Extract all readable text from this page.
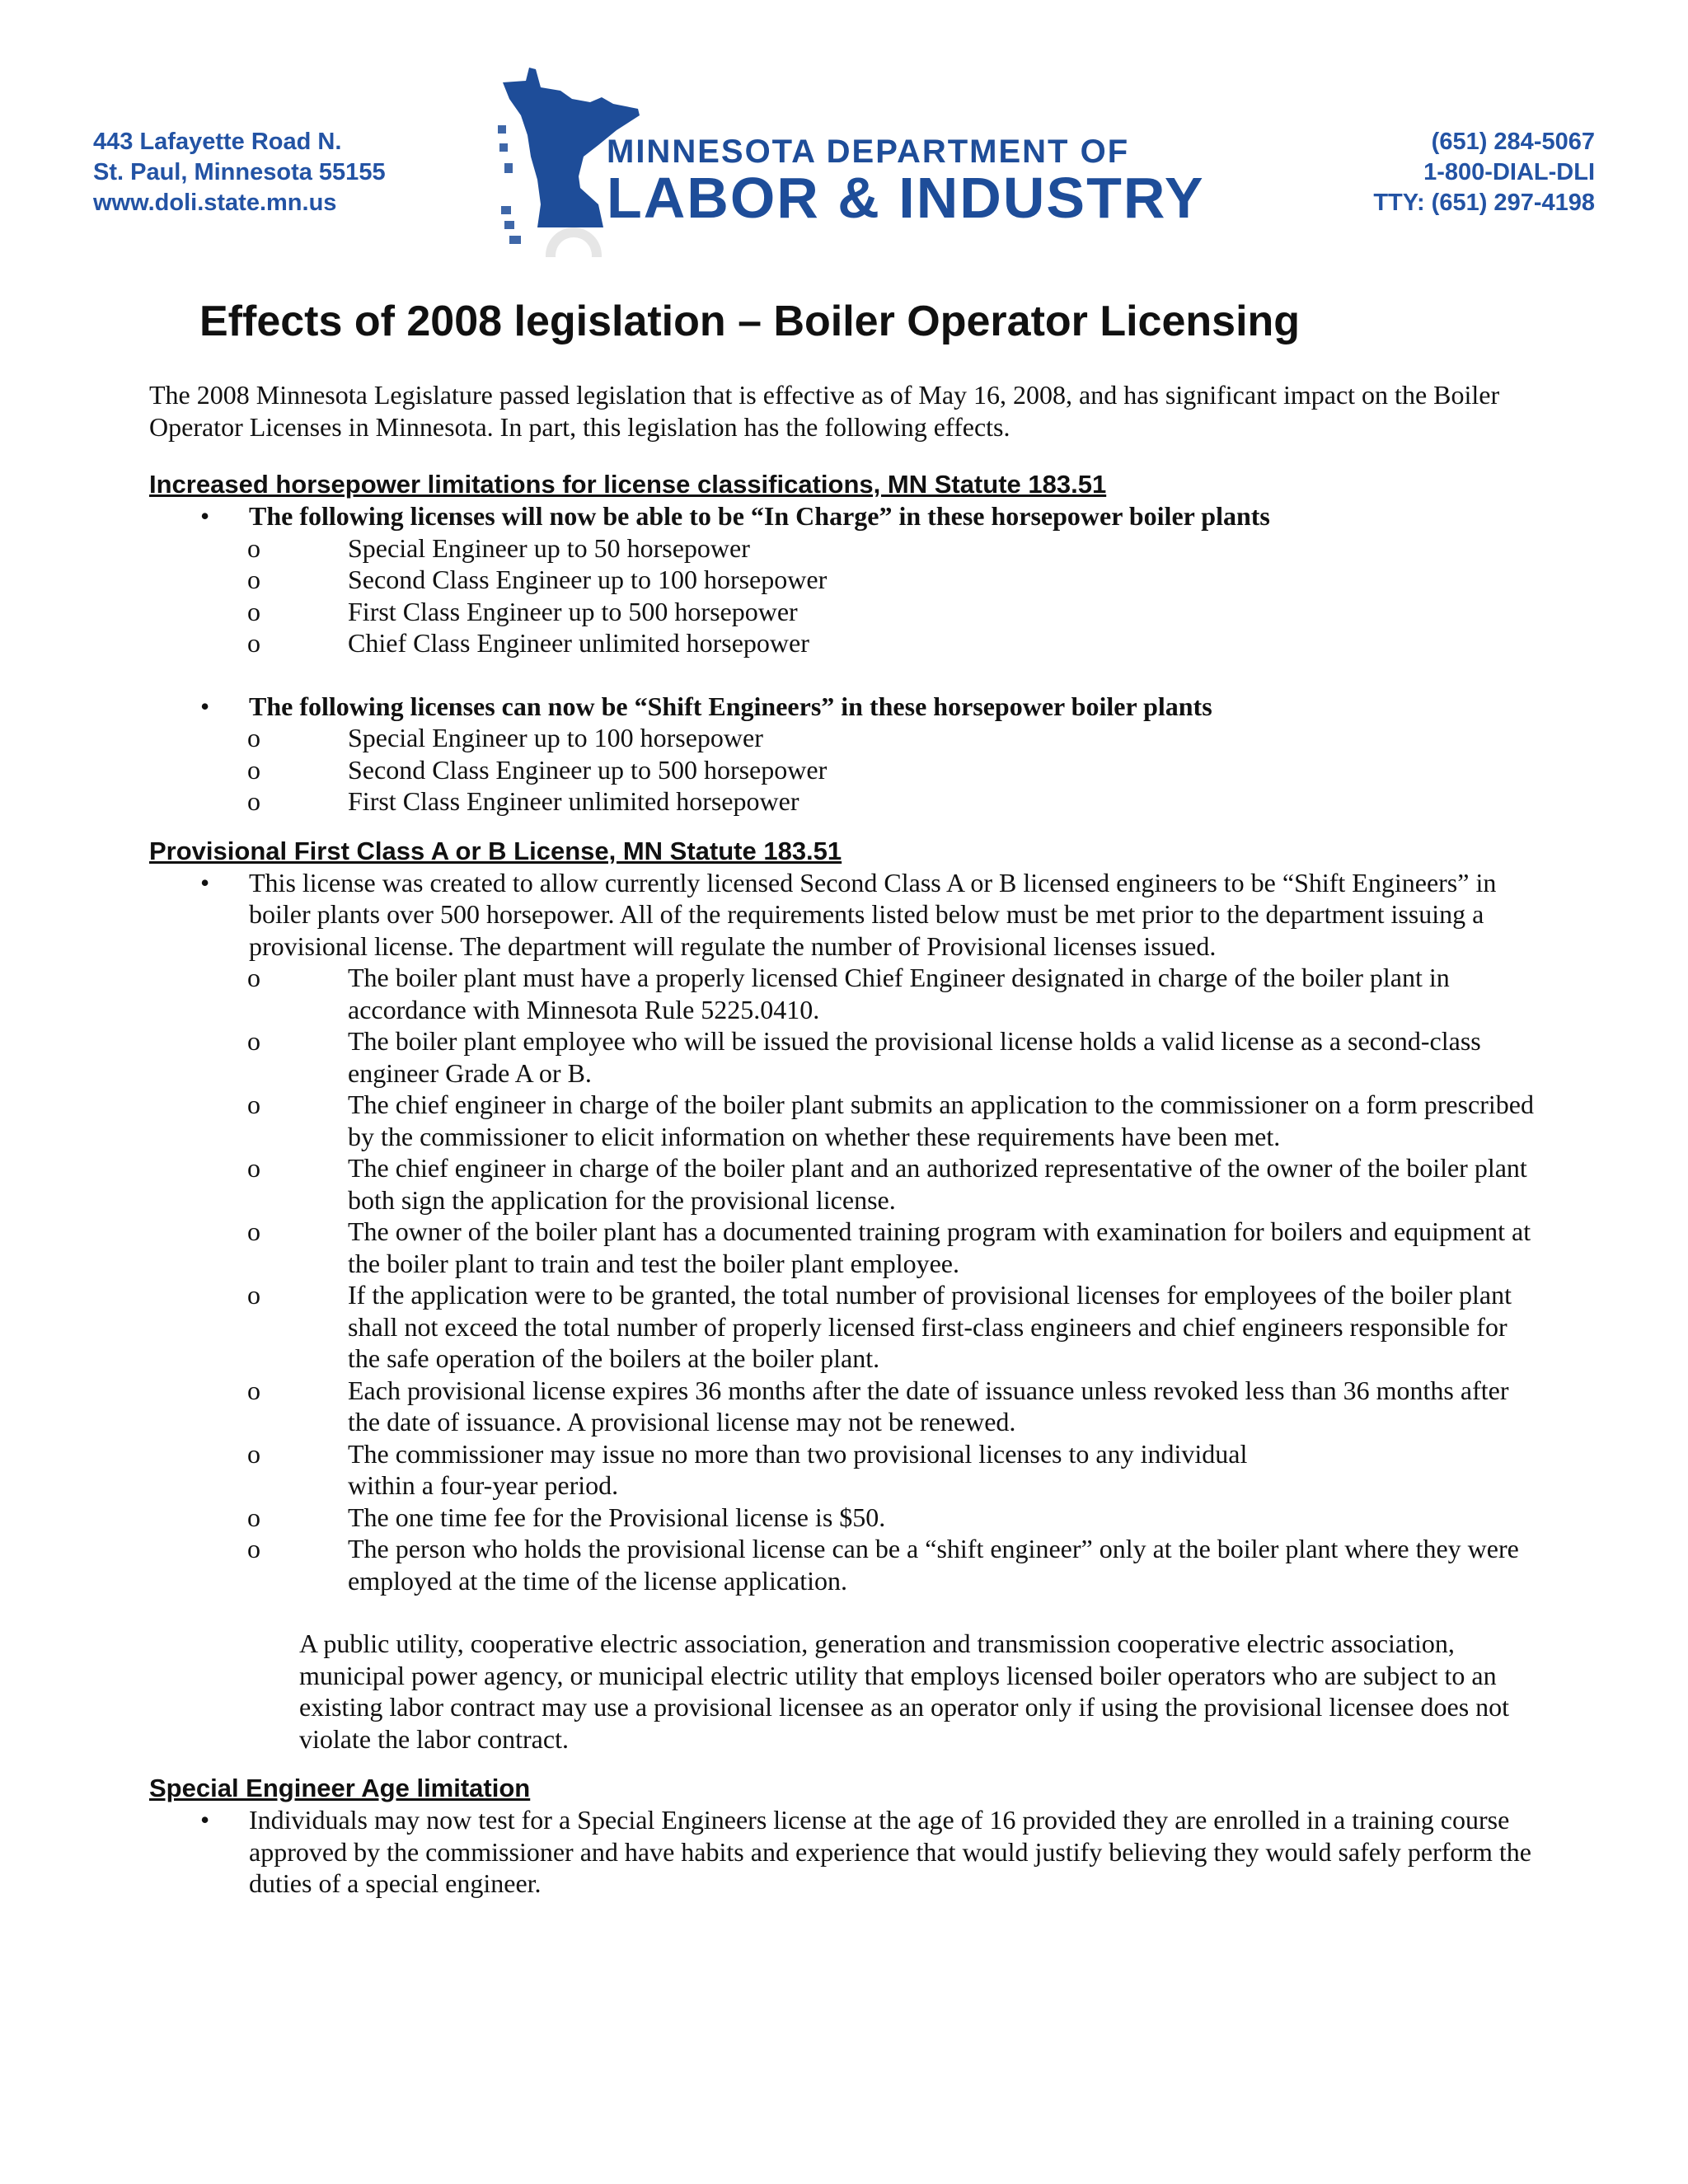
443 Lafayette Road N.
St. Paul, Minnesota 55155
www.doli.state.mn.us
MINNESOTA DEPARTMENT OF
LABOR & INDUSTRY
(651) 284-5067
1-800-DIAL-DLI
TTY: (651) 297-4198
Effects of 2008 legislation – Boiler Operator Licensing

The 2008 Minnesota Legislature passed legislation that is effective as of May 16, 2008, and has significant impact on the Boiler Operator Licenses in Minnesota. In part, this legislation has the following effects.

Increased horsepower limitations for license classifications, MN Statute 183.51

• The following licenses will now be able to be “In Charge” in these horsepower boiler plants
o	Special Engineer up to 50 horsepower
o	Second Class Engineer up to 100 horsepower
o	First Class Engineer up to 500 horsepower
o	Chief Class Engineer unlimited horsepower
• The following licenses can now be “Shift Engineers” in these horsepower boiler plants
o	Special Engineer up to 100 horsepower
o	Second Class Engineer up to 500 horsepower
o	First Class Engineer unlimited horsepower

Provisional First Class A or B License, MN Statute 183.51

• This license was created to allow currently licensed Second Class A or B licensed engineers to be “Shift Engineers” in boiler plants over 500 horsepower. All of the requirements listed below must be met prior to the department issuing a provisional license. The department will regulate the number of Provisional licenses issued.
o	The boiler plant must have a properly licensed Chief Engineer designated in charge of the boiler plant in accordance with Minnesota Rule 5225.0410.
o	The boiler plant employee who will be issued the provisional license holds a valid license as a second-class engineer Grade A or B.
o	The chief engineer in charge of the boiler plant submits an application to the commissioner on a form prescribed by the commissioner to elicit information on whether these requirements have been met.
o	The chief engineer in charge of the boiler plant and an authorized representative of the owner of the boiler plant both sign the application for the provisional license.
o	The owner of the boiler plant has a documented training program with examination for boilers and equipment at the boiler plant to train and test the boiler plant employee.
o	If the application were to be granted, the total number of provisional licenses for employees of the boiler plant shall not exceed the total number of properly licensed first-class engineers and chief engineers responsible for the safe operation of the boilers at the boiler plant.
o	Each provisional license expires 36 months after the date of issuance unless revoked less than 36 months after the date of issuance. A provisional license may not be renewed.
o	The commissioner may issue no more than two provisional licenses to any individual within a four-year period.
o	The one time fee for the Provisional license is $50.
o	The person who holds the provisional license can be a “shift engineer” only at the boiler plant where they were employed at the time of the license application.

A public utility, cooperative electric association, generation and transmission cooperative electric association, municipal power agency, or municipal electric utility that employs licensed boiler operators who are subject to an existing labor contract may use a provisional licensee as an operator only if using the provisional licensee does not violate the labor contract.

Special Engineer Age limitation

• Individuals may now test for a Special Engineers license at the age of 16 provided they are enrolled in a training course approved by the commissioner and have habits and experience that would justify believing they would safely perform the duties of a special engineer.
